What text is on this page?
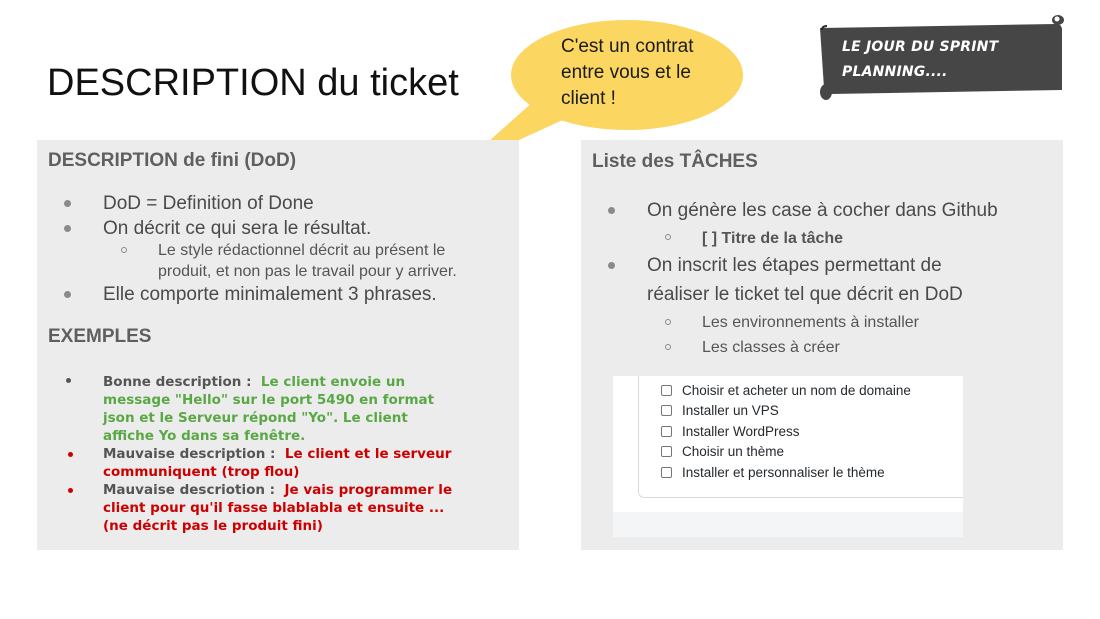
DESCRIPTION du ticket
C'est un contrat entre vous et le client !
LE JOUR DU SPRINT
PLANNING....
DESCRIPTION de fini (DoD)
DoD = Definition of Done
On décrit ce qui sera le résultat.
Le style rédactionnel décrit au présent le
produit, et non pas le travail pour y arriver.
Elle comporte minimalement 3 phrases.
EXEMPLES
Bonne description : Le client envoie un
message "Hello" sur le port 5490 en format
json et le Serveur répond "Yo". Le client
affiche Yo dans sa fenêtre.
Mauvaise description : Le client et le serveur
communiquent (trop flou)
Mauvaise descriotion : Je vais programmer le
client pour qu'il fasse blablabla et ensuite ...
(ne décrit pas le produit fini)
Liste des TÂCHES
On génère les case à cocher dans Github
[ ] Titre de la tâche
On inscrit les étapes permettant de
réaliser le ticket tel que décrit en DoD
Les environnements à installer
Les classes à créer
Choisir et acheter un nom de domaine
Installer un VPS
Installer WordPress
Choisir un thème
Installer et personnaliser le thème
